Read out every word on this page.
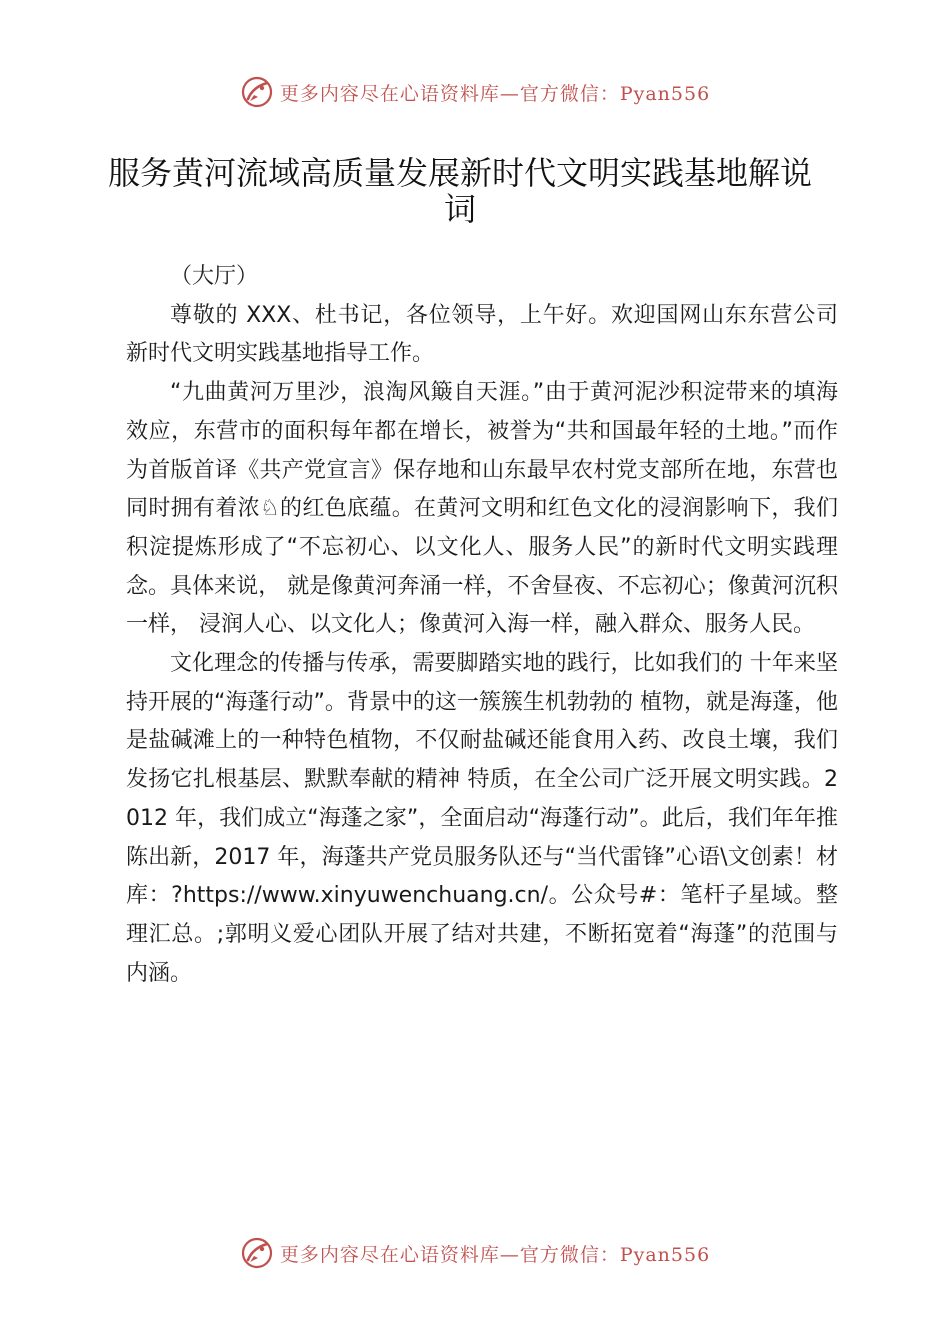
更多内容尽在心语资料库—官方微信：Pyan556
服务黄河流域高质量发展新时代文明实践基地解说词

（大厅）

尊敬的 XXX、杜书记，各位领导，上午好。欢迎国网山东东营公司新时代文明实践基地指导工作。

“九曲黄河万里沙，浪淘风簸自天涯。”由于黄河泥沙积淀带来的填海效应，东营市的面积每年都在增长，被誉为“共和国最年轻的土地。”而作为首版首译《共产党宣言》保存地和山东最早农村党支部所在地，东营也同时拥有着浓♘的红色底蕴。在黄河文明和红色文化的浸润影响下，我们积淀提炼形成了“不忘初心、以文化人、服务人民”的新时代文明实践理念。具体来说， 就是像黄河奔涌一样，不舍昼夜、不忘初心；像黄河沉积一样， 浸润人心、以文化人；像黄河入海一样，融入群众、服务人民。

文化理念的传播与传承，需要脚踏实地的践行，比如我们的 十年来坚持开展的“海蓬行动”。背景中的这一簇簇生机勃勃的 植物，就是海蓬，他是盐碱滩上的一种特色植物，不仅耐盐碱还能食用入药、改良土壤，我们发扬它扎根基层、默默奉献的精神 特质，在全公司广泛开展文明实践。2012 年，我们成立“海蓬之家”，全面启动“海蓬行动”。此后，我们年年推陈出新，2017 年，海蓬共产党员服务队还与“当代雷锋”心语\文创素！材库：?https://www.xinyuwenchuang.cn/。公众号#：笔杆子星域。整理汇总。;郭明义爱心团队开展了结对共建，不断拓宽着“海蓬”的范围与内涵。

更多内容尽在心语资料库—官方微信：Pyan556
